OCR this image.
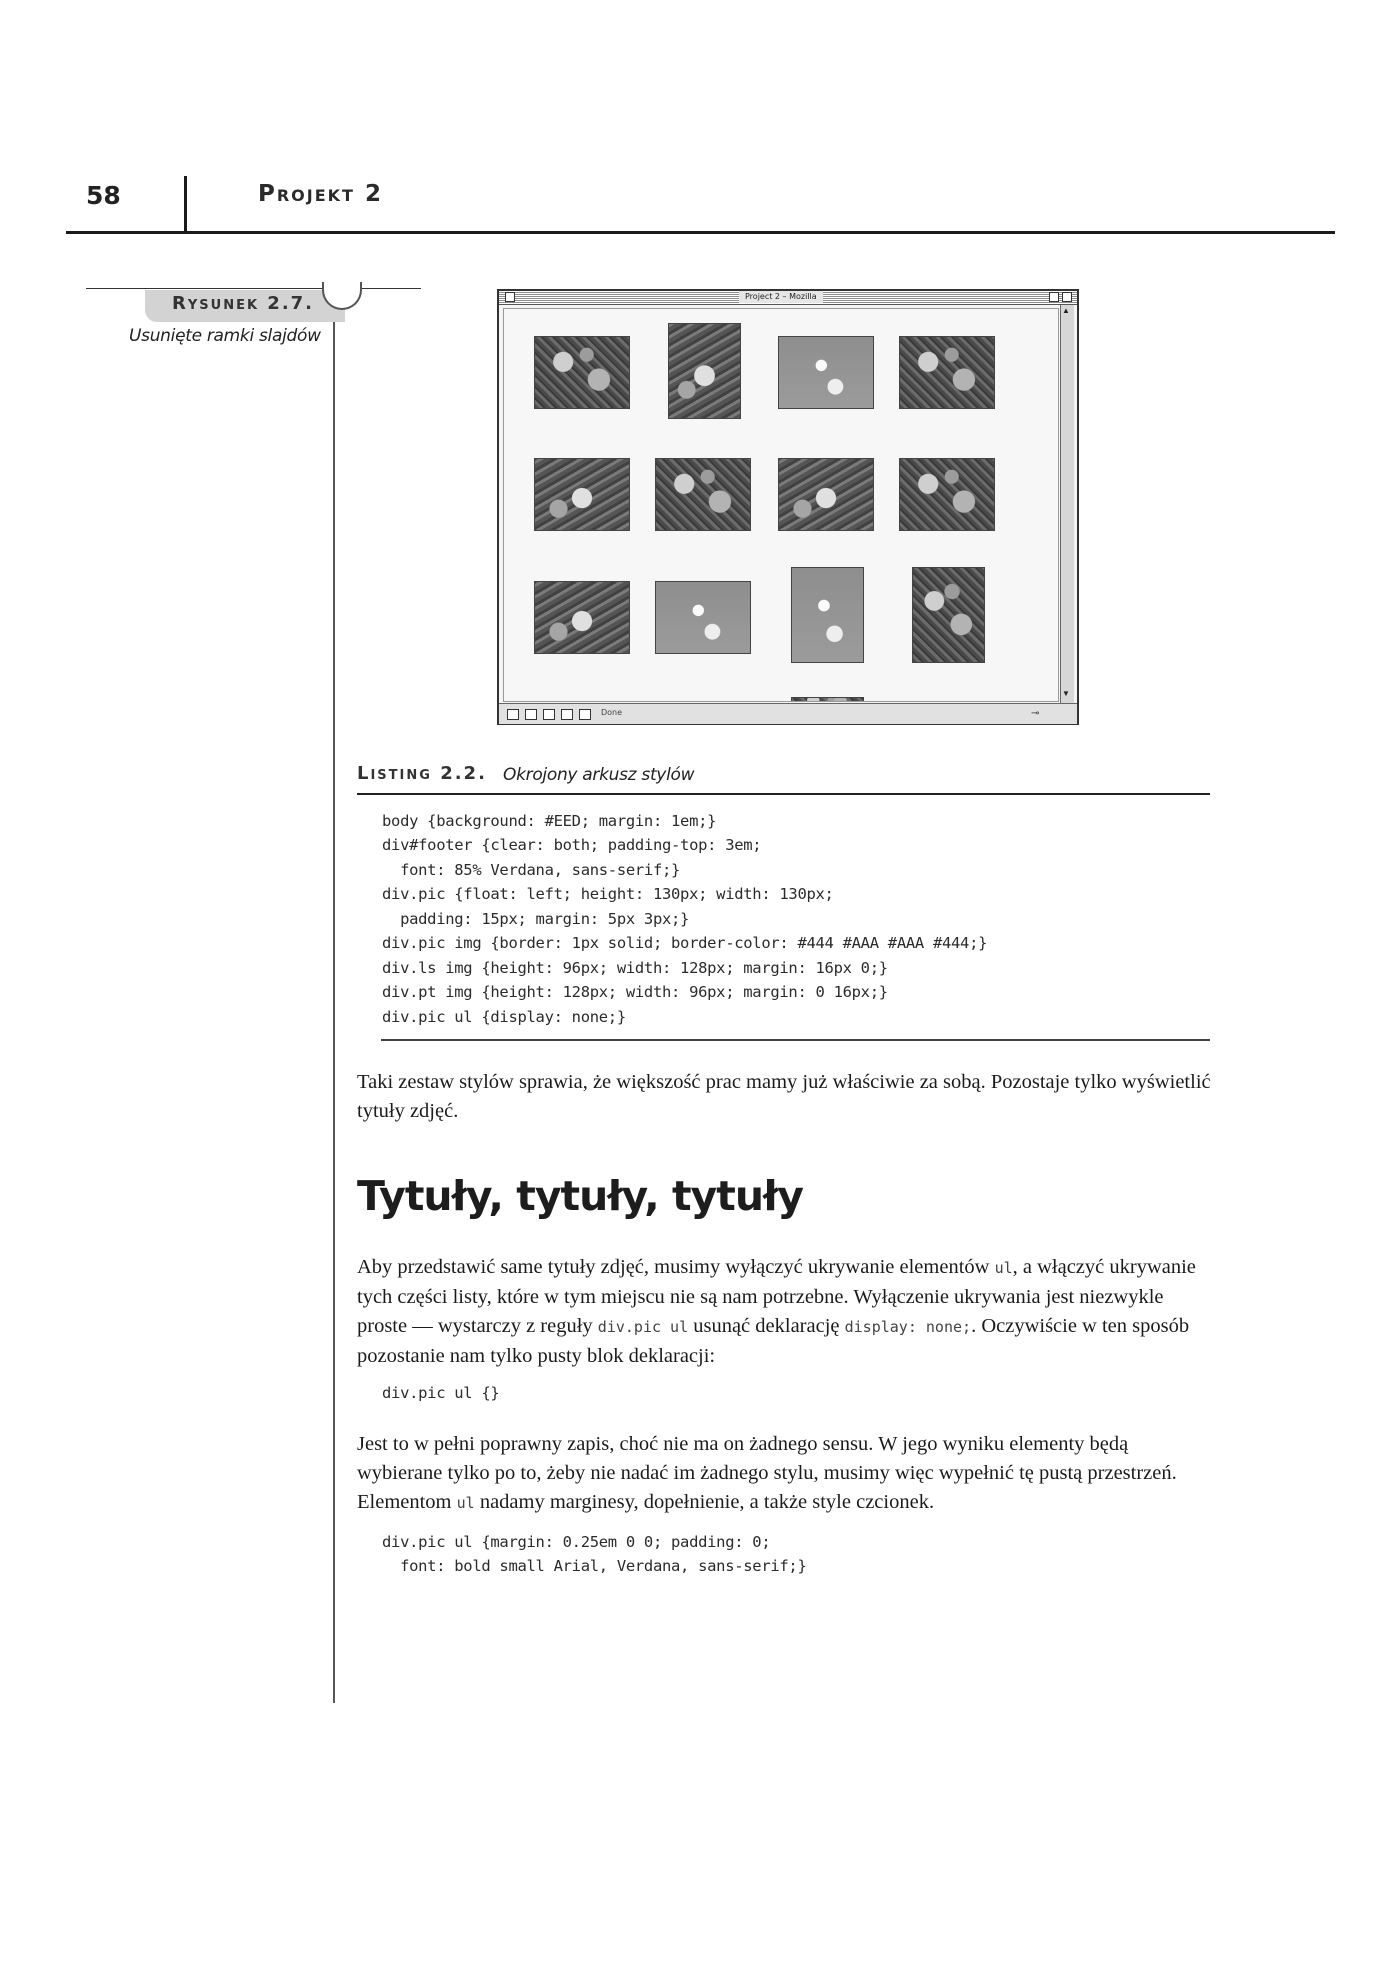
58	Projekt 2
Rysunek 2.7.
Usunięte ramki slajdów
Project 2 – Mozilla
▲
▼
Done	⊸
Listing 2.2. Okrojony arkusz stylów
body {background: #EED; margin: 1em;}
div#footer {clear: both; padding-top: 3em;
font: 85% Verdana, sans-serif;}
div.pic {float: left; height: 130px; width: 130px;
padding: 15px; margin: 5px 3px;}
div.pic img {border: 1px solid; border-color: #444 #AAA #AAA #444;}
div.ls img {height: 96px; width: 128px; margin: 16px 0;}
div.pt img {height: 128px; width: 96px; margin: 0 16px;}
div.pic ul {display: none;}

Taki zestaw stylów sprawia, że większość prac mamy już właściwie za sobą. Pozostaje tylko wyświetlić tytuły zdjęć.

Tytuły, tytuły, tytuły

Aby przedstawić same tytuły zdjęć, musimy wyłączyć ukrywanie elementów ul, a włączyć ukrywanie tych części listy, które w tym miejscu nie są nam potrzebne. Wyłączenie ukrywania jest niezwykle proste — wystarczy z reguły div.pic ul usunąć deklarację display: none;. Oczywiście w ten sposób pozostanie nam tylko pusty blok deklaracji:

div.pic ul {}

Jest to w pełni poprawny zapis, choć nie ma on żadnego sensu. W jego wyniku elementy będą wybierane tylko po to, żeby nie nadać im żadnego stylu, musimy więc wypełnić tę pustą przestrzeń. Elementom ul nadamy marginesy, dopełnienie, a także style czcionek.

div.pic ul {margin: 0.25em 0 0; padding: 0;
font: bold small Arial, Verdana, sans-serif;}
